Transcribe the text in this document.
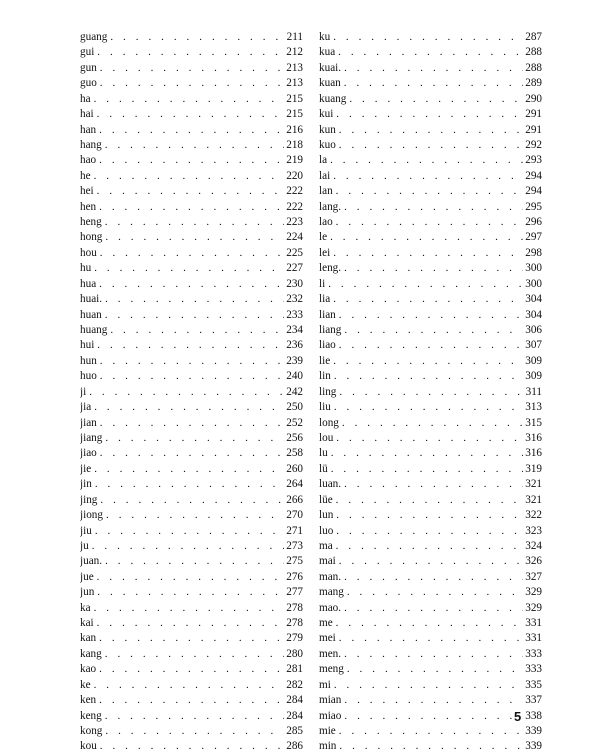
guang . . .	211
gui . . .	212
gun . . .	213
guo . . .	213
ha . . .	215
hai . . .	215
han . . .	216
hang . . .	218
hao . . .	219
he . . .	220
hei . . .	222
hen . . .	222
heng . . .	223
hong . . .	224
hou . . .	225
hu . . .	227
hua . . .	230
huai. . . .	232
huan . . .	233
huang . . .	234
hui . . .	236
hun . . .	239
huo . . .	240
ji . . .	242
jia . . .	250
jian . . .	252
jiang . . .	256
jiao . . .	258
jie . . .	260
jin . . .	264
jing . . .	266
jiong . . .	270
jiu . . .	271
ju . . .	273
juan. . . .	275
jue . . .	276
jun . . .	277
ka . . .	278
kai . . .	278
kan . . .	279
kang . . .	280
kao . . .	281
ke . . .	282
ken . . .	284
keng . . .	284
kong . . .	285
kou . . .	286
ku . . .	287
kua . . .	288
kuai. . . .	288
kuan . . .	289
kuang . . .	290
kui . . .	291
kun . . .	291
kuo . . .	292
la . . .	293
lai . . .	294
lan . . .	294
lang. . . .	295
lao . . .	296
le . . .	297
lei . . .	298
leng. . . .	300
li . . .	300
lia . . .	304
lian . . .	304
liang . . .	306
liao . . .	307
lie . . .	309
lin . . .	309
ling . . .	311
liu . . .	313
long . . .	315
lou . . .	316
lu . . .	316
lü . . .	319
luan. . . .	321
lüe . . .	321
lun . . .	322
luo . . .	323
ma . . .	324
mai . . .	326
man. . . .	327
mang . . .	329
mao. . . .	329
me . . .	331
mei . . .	331
men. . . .	333
meng . . .	333
mi . . .	335
mian . . .	337
miao . . .	338
mie . . .	339
min . . .	339
5
